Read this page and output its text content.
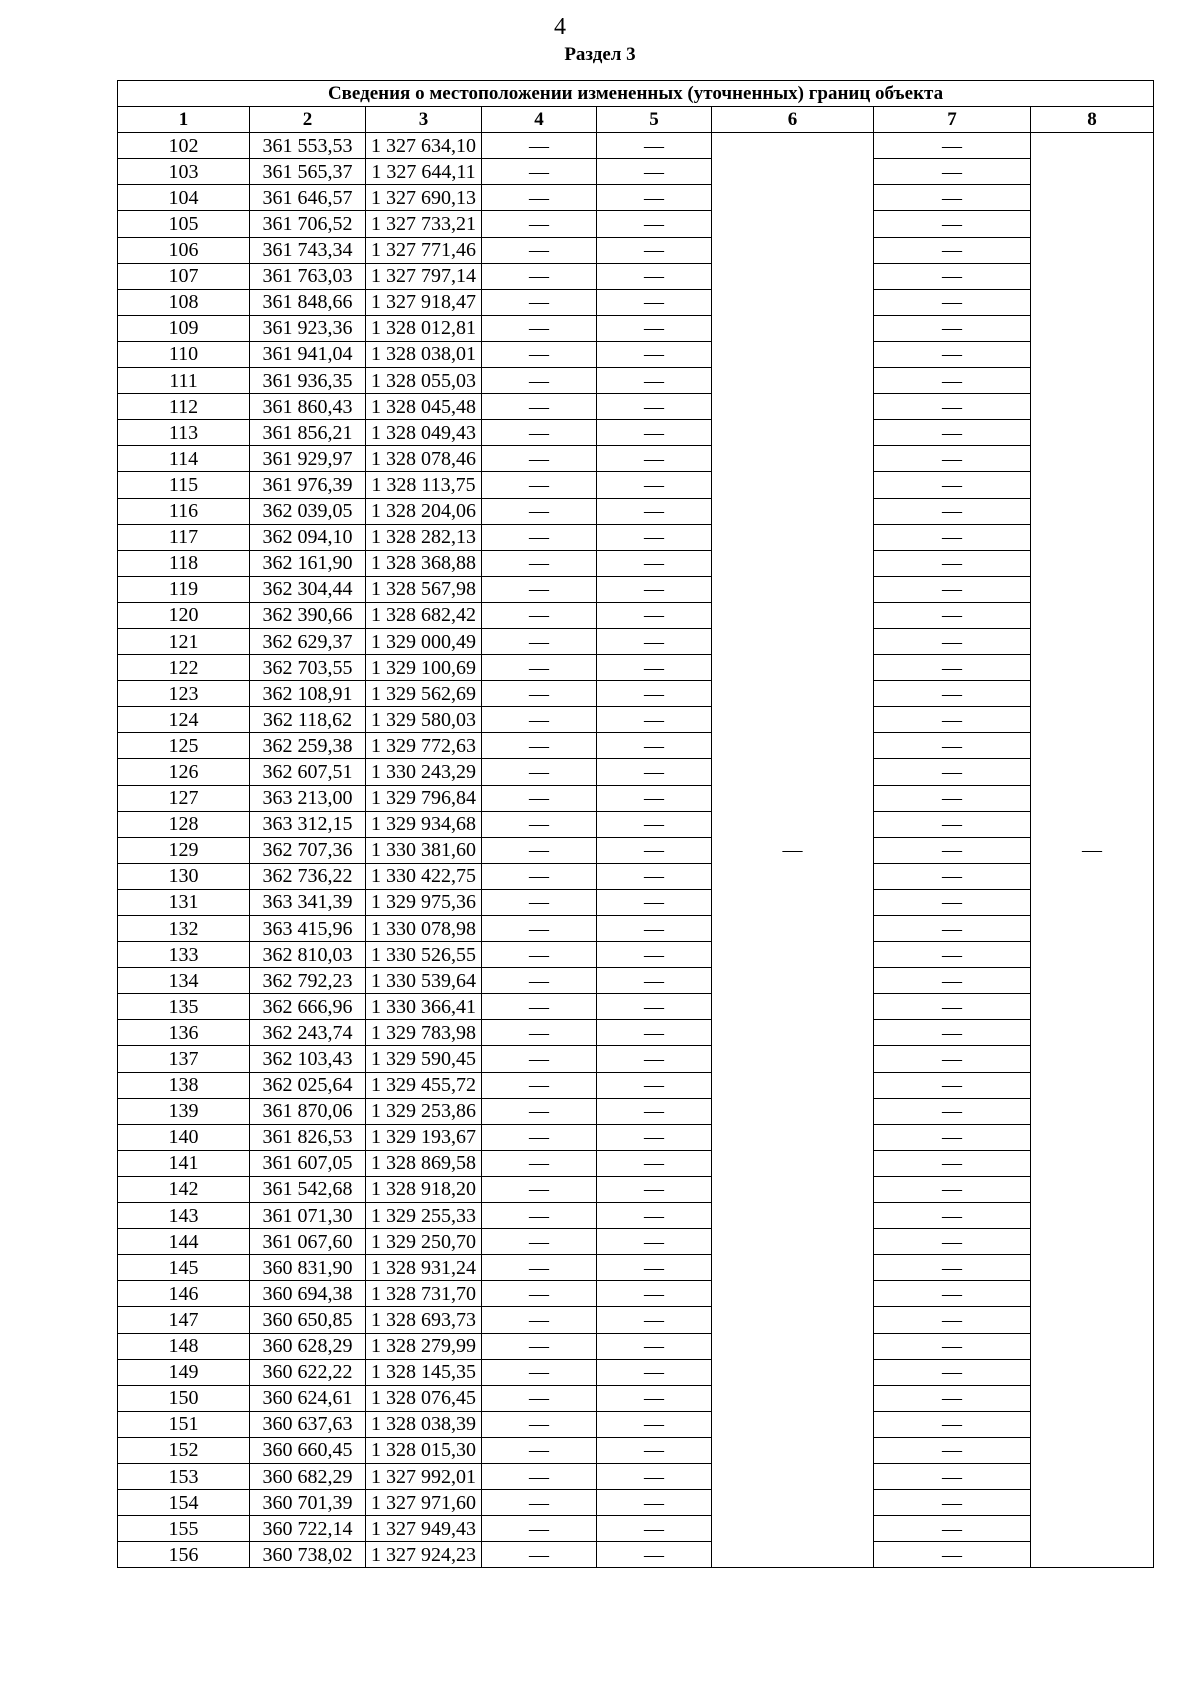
4
Раздел 3
Сведения о местоположении измененных (уточненных) границ объекта							
1	2	3	4	5	6	7	8
102	361 553,53	1 327 634,10	—	—	—	—	—
103	361 565,37	1 327 644,11	—	—		—	
104	361 646,57	1 327 690,13	—	—		—	
105	361 706,52	1 327 733,21	—	—		—	
106	361 743,34	1 327 771,46	—	—		—	
107	361 763,03	1 327 797,14	—	—		—	
108	361 848,66	1 327 918,47	—	—		—	
109	361 923,36	1 328 012,81	—	—		—	
110	361 941,04	1 328 038,01	—	—		—	
111	361 936,35	1 328 055,03	—	—		—	
112	361 860,43	1 328 045,48	—	—		—	
113	361 856,21	1 328 049,43	—	—		—	
114	361 929,97	1 328 078,46	—	—		—	
115	361 976,39	1 328 113,75	—	—		—	
116	362 039,05	1 328 204,06	—	—		—	
117	362 094,10	1 328 282,13	—	—		—	
118	362 161,90	1 328 368,88	—	—		—	
119	362 304,44	1 328 567,98	—	—		—	
120	362 390,66	1 328 682,42	—	—		—	
121	362 629,37	1 329 000,49	—	—		—	
122	362 703,55	1 329 100,69	—	—		—	
123	362 108,91	1 329 562,69	—	—		—	
124	362 118,62	1 329 580,03	—	—		—	
125	362 259,38	1 329 772,63	—	—		—	
126	362 607,51	1 330 243,29	—	—		—	
127	363 213,00	1 329 796,84	—	—		—	
128	363 312,15	1 329 934,68	—	—		—	
129	362 707,36	1 330 381,60	—	—		—	
130	362 736,22	1 330 422,75	—	—		—	
131	363 341,39	1 329 975,36	—	—		—	
132	363 415,96	1 330 078,98	—	—		—	
133	362 810,03	1 330 526,55	—	—		—	
134	362 792,23	1 330 539,64	—	—		—	
135	362 666,96	1 330 366,41	—	—		—	
136	362 243,74	1 329 783,98	—	—		—	
137	362 103,43	1 329 590,45	—	—		—	
138	362 025,64	1 329 455,72	—	—		—	
139	361 870,06	1 329 253,86	—	—		—	
140	361 826,53	1 329 193,67	—	—		—	
141	361 607,05	1 328 869,58	—	—		—	
142	361 542,68	1 328 918,20	—	—		—	
143	361 071,30	1 329 255,33	—	—		—	
144	361 067,60	1 329 250,70	—	—		—	
145	360 831,90	1 328 931,24	—	—		—	
146	360 694,38	1 328 731,70	—	—		—	
147	360 650,85	1 328 693,73	—	—		—	
148	360 628,29	1 328 279,99	—	—		—	
149	360 622,22	1 328 145,35	—	—		—	
150	360 624,61	1 328 076,45	—	—		—	
151	360 637,63	1 328 038,39	—	—		—	
152	360 660,45	1 328 015,30	—	—		—	
153	360 682,29	1 327 992,01	—	—		—	
154	360 701,39	1 327 971,60	—	—		—	
155	360 722,14	1 327 949,43	—	—		—	
156	360 738,02	1 327 924,23	—	—		—	
